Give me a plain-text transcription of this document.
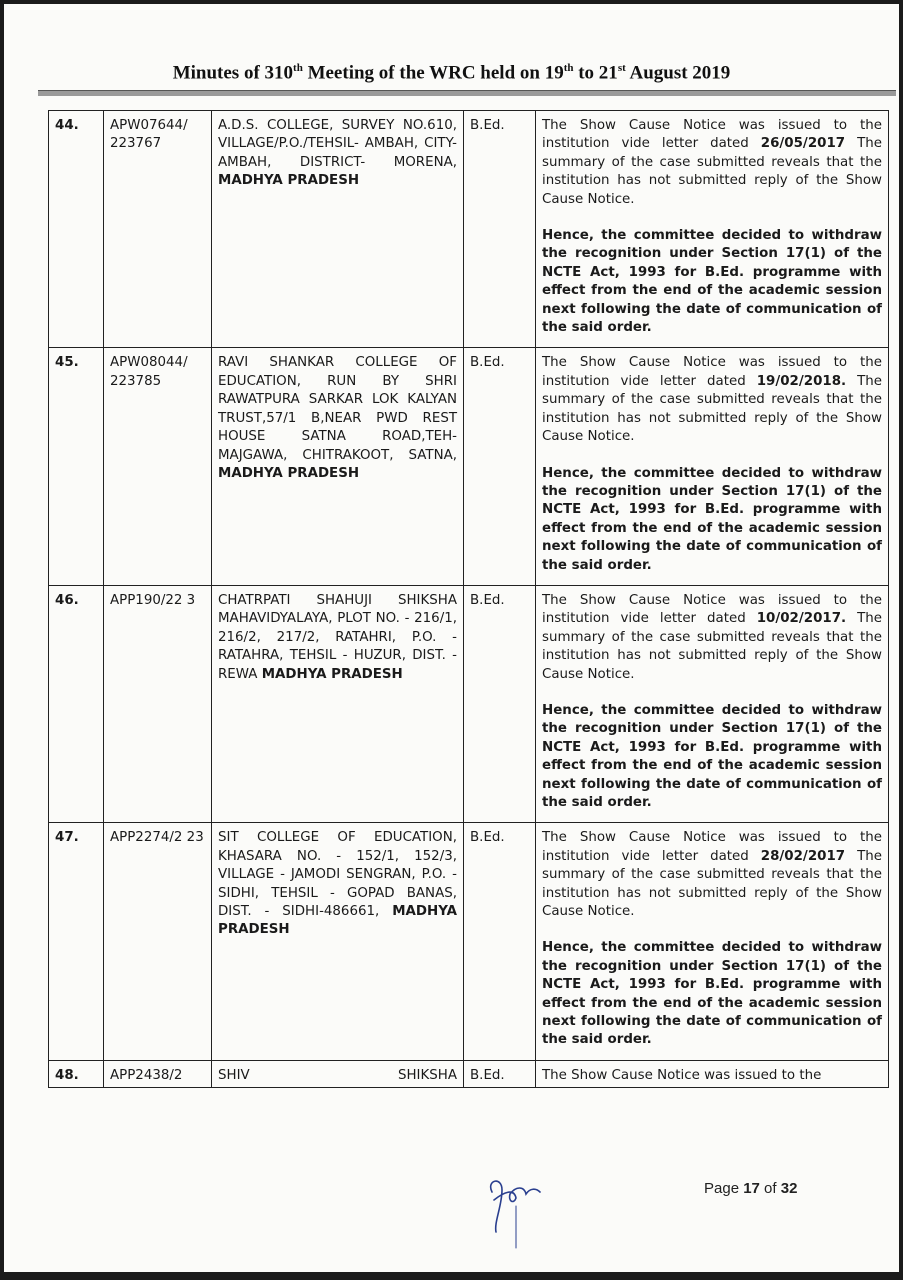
Minutes of 310th Meeting of the WRC held on 19th to 21st August 2019
44.	APW07644/ 223767	A.D.S. COLLEGE, SURVEY NO.610, VILLAGE/P.O./TEHSIL- AMBAH, CITY- AMBAH, DISTRICT- MORENA, MADHYA PRADESH	B.Ed.	The Show Cause Notice was issued to the institution vide letter dated 26/05/2017 The summary of the case submitted reveals that the institution has not submitted reply of the Show Cause Notice.
Hence, the committee decided to withdraw the recognition under Section 17(1) of the NCTE Act, 1993 for B.Ed. programme with effect from the end of the academic session next following the date of communication of the said order.

45.	APW08044/ 223785	RAVI SHANKAR COLLEGE OF EDUCATION, RUN BY SHRI RAWATPURA SARKAR LOK KALYAN TRUST,57/1 B,NEAR PWD REST HOUSE SATNA ROAD,TEH-MAJGAWA, CHITRAKOOT, SATNA, MADHYA PRADESH	B.Ed.	The Show Cause Notice was issued to the institution vide letter dated 19/02/2018. The summary of the case submitted reveals that the institution has not submitted reply of the Show Cause Notice.
Hence, the committee decided to withdraw the recognition under Section 17(1) of the NCTE Act, 1993 for B.Ed. programme with effect from the end of the academic session next following the date of communication of the said order.

46.	APP190/22 3	CHATRPATI SHAHUJI SHIKSHA MAHAVIDYALAYA, PLOT NO. - 216/1, 216/2, 217/2, RATAHRI, P.O. - RATAHRA, TEHSIL - HUZUR, DIST. - REWA MADHYA PRADESH	B.Ed.	The Show Cause Notice was issued to the institution vide letter dated 10/02/2017. The summary of the case submitted reveals that the institution has not submitted reply of the Show Cause Notice.
Hence, the committee decided to withdraw the recognition under Section 17(1) of the NCTE Act, 1993 for B.Ed. programme with effect from the end of the academic session next following the date of communication of the said order.

47.	APP2274/2 23	SIT COLLEGE OF EDUCATION, KHASARA NO. - 152/1, 152/3, VILLAGE - JAMODI SENGRAN, P.O. - SIDHI, TEHSIL - GOPAD BANAS, DIST. - SIDHI-486661, MADHYA PRADESH	B.Ed.	The Show Cause Notice was issued to the institution vide letter dated 28/02/2017 The summary of the case submitted reveals that the institution has not submitted reply of the Show Cause Notice.
Hence, the committee decided to withdraw the recognition under Section 17(1) of the NCTE Act, 1993 for B.Ed. programme with effect from the end of the academic session next following the date of communication of the said order.

48.	APP2438/2	SHIV SHIKSHA	B.Ed.	The Show Cause Notice was issued to the
Page 17 of 32
